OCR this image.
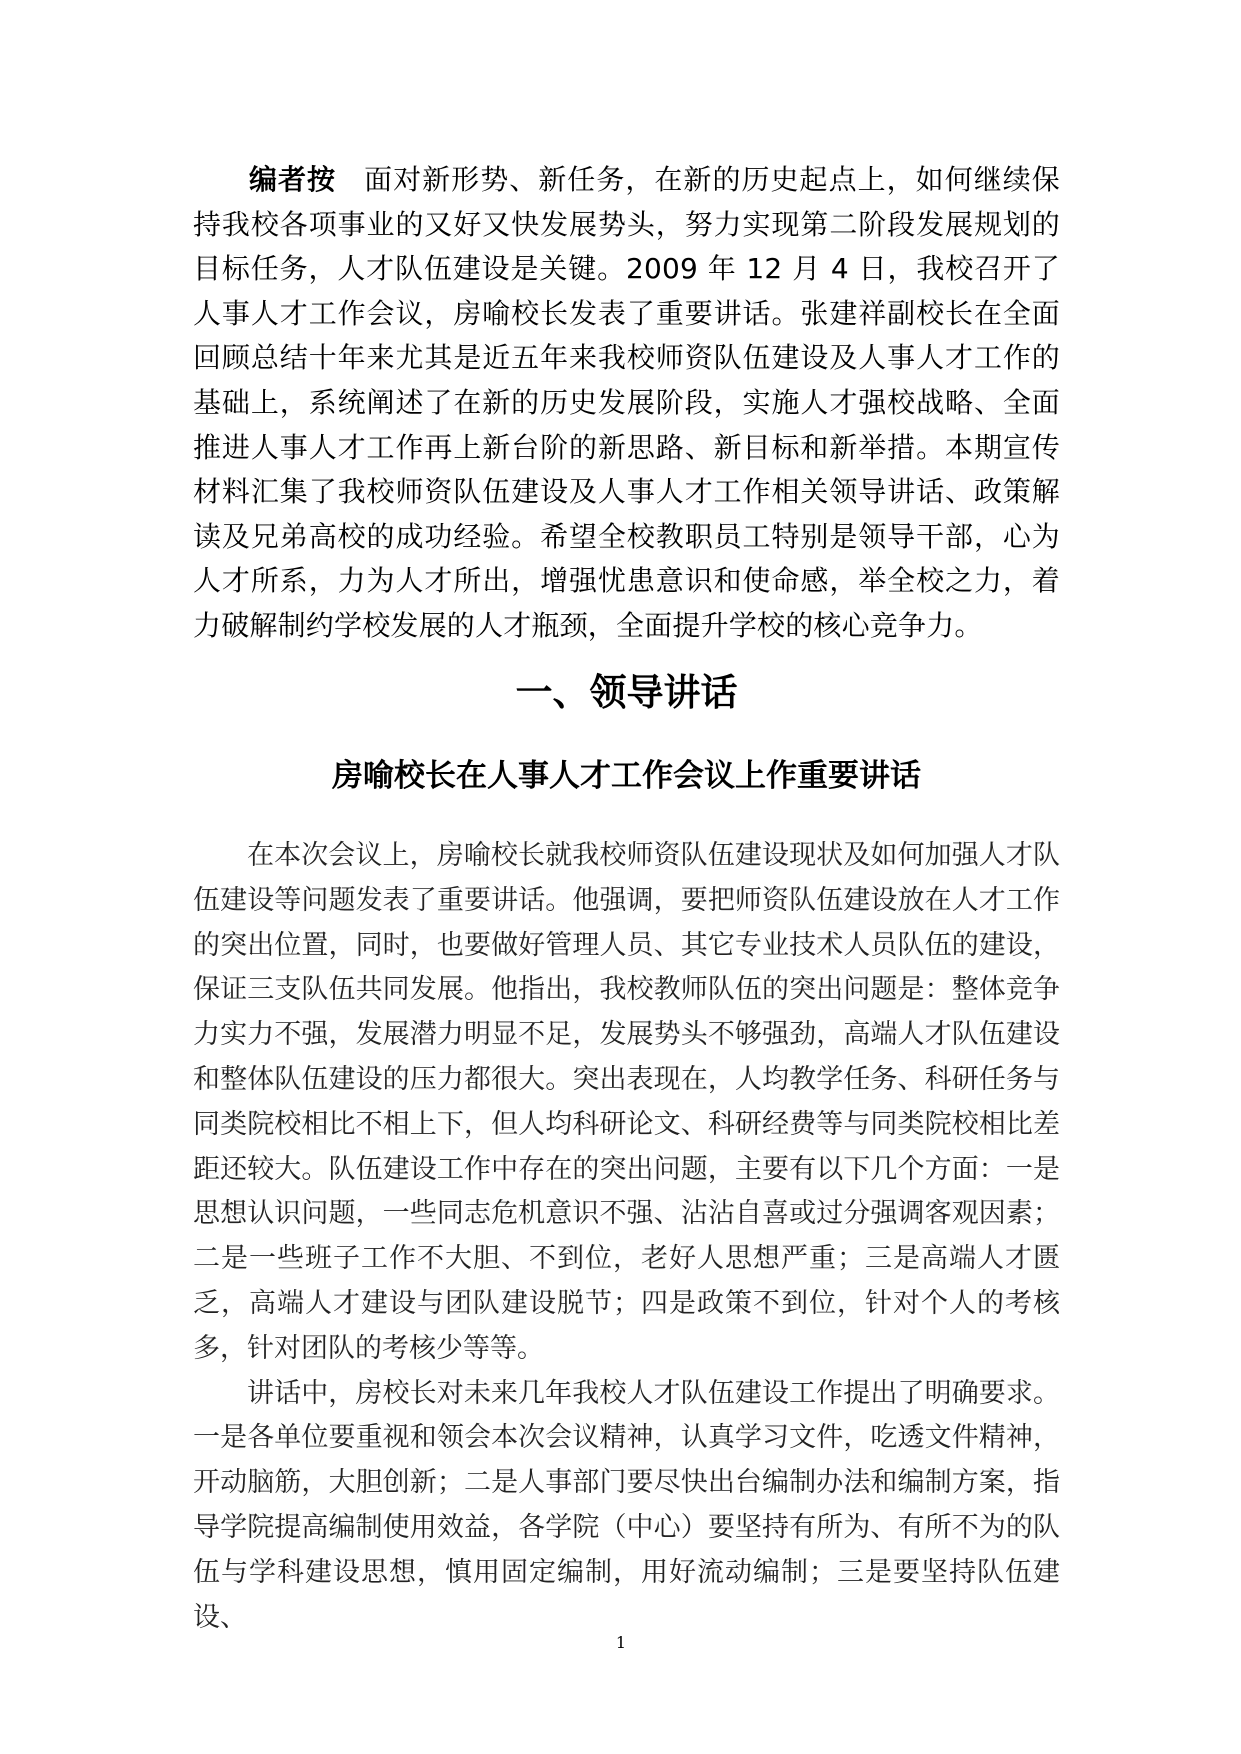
编者按 面对新形势、新任务，在新的历史起点上，如何继续保持我校各项事业的又好又快发展势头，努力实现第二阶段发展规划的目标任务，人才队伍建设是关键。2009 年 12 月 4 日，我校召开了人事人才工作会议，房喻校长发表了重要讲话。张建祥副校长在全面回顾总结十年来尤其是近五年来我校师资队伍建设及人事人才工作的基础上，系统阐述了在新的历史发展阶段，实施人才强校战略、全面推进人事人才工作再上新台阶的新思路、新目标和新举措。本期宣传材料汇集了我校师资队伍建设及人事人才工作相关领导讲话、政策解读及兄弟高校的成功经验。希望全校教职员工特别是领导干部，心为人才所系，力为人才所出，增强忧患意识和使命感，举全校之力，着力破解制约学校发展的人才瓶颈，全面提升学校的核心竞争力。

一、领导讲话
房喻校长在人事人才工作会议上作重要讲话

在本次会议上，房喻校长就我校师资队伍建设现状及如何加强人才队伍建设等问题发表了重要讲话。他强调，要把师资队伍建设放在人才工作的突出位置，同时，也要做好管理人员、其它专业技术人员队伍的建设，保证三支队伍共同发展。他指出，我校教师队伍的突出问题是：整体竞争力实力不强，发展潜力明显不足，发展势头不够强劲，高端人才队伍建设和整体队伍建设的压力都很大。突出表现在，人均教学任务、科研任务与同类院校相比不相上下，但人均科研论文、科研经费等与同类院校相比差距还较大。队伍建设工作中存在的突出问题，主要有以下几个方面：一是思想认识问题，一些同志危机意识不强、沾沾自喜或过分强调客观因素；二是一些班子工作不大胆、不到位，老好人思想严重；三是高端人才匮乏，高端人才建设与团队建设脱节；四是政策不到位，针对个人的考核多，针对团队的考核少等等。

讲话中，房校长对未来几年我校人才队伍建设工作提出了明确要求。一是各单位要重视和领会本次会议精神，认真学习文件，吃透文件精神，开动脑筋，大胆创新；二是人事部门要尽快出台编制办法和编制方案，指导学院提高编制使用效益，各学院（中心）要坚持有所为、有所不为的队伍与学科建设思想，慎用固定编制，用好流动编制；三是要坚持队伍建设、

1
